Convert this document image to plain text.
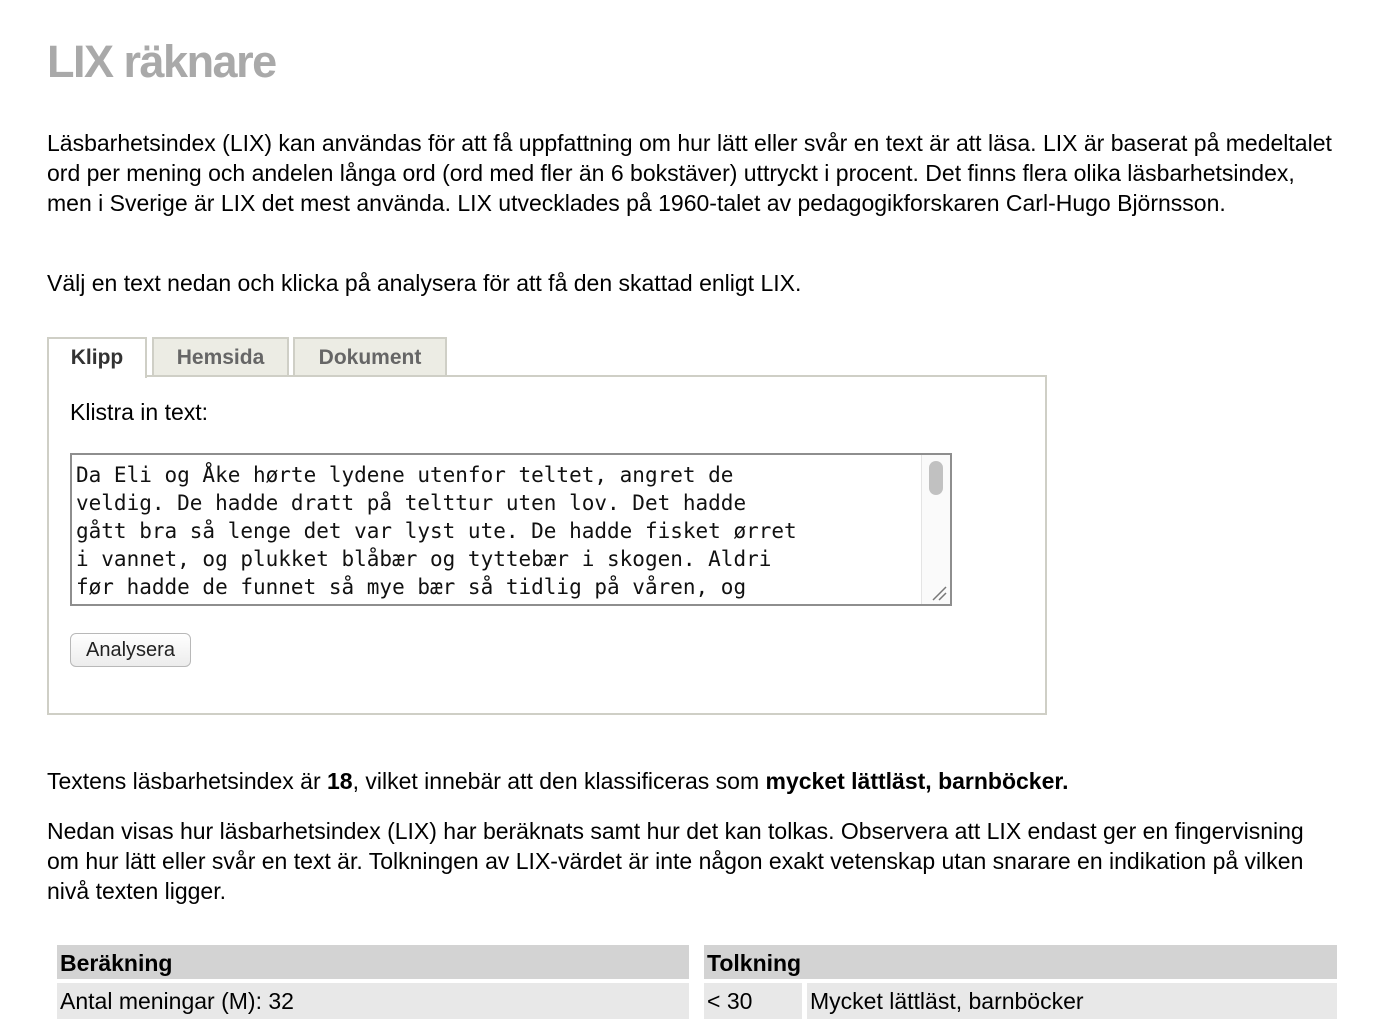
LIX räknare

Läsbarhetsindex (LIX) kan användas för att få uppfattning om hur lätt eller svår en text är att läsa. LIX är baserat på medeltalet ord per mening och andelen långa ord (ord med fler än 6 bokstäver) uttryckt i procent. Det finns flera olika läsbarhetsindex, men i Sverige är LIX det mest använda. LIX utvecklades på 1960-talet av pedagogikforskaren Carl-Hugo Björnsson.

Välj en text nedan och klicka på analysera för att få den skattad enligt LIX.

Klipp	Hemsida	Dokument
Klistra in text:
Da Eli og Åke hørte lydene utenfor teltet, angret de
veldig. De hadde dratt på telttur uten lov. Det hadde
gått bra så lenge det var lyst ute. De hadde fisket ørret
i vannet, og plukket blåbær og tyttebær i skogen. Aldri
før hadde de funnet så mye bær så tidlig på våren, og
Analysera

Textens läsbarhetsindex är 18, vilket innebär att den klassificeras som mycket lättläst, barnböcker.

Nedan visas hur läsbarhetsindex (LIX) har beräknats samt hur det kan tolkas. Observera att LIX endast ger en fingervisning om hur lätt eller svår en text är. Tolkningen av LIX-värdet är inte någon exakt vetenskap utan snarare en indikation på vilken nivå texten ligger.

Beräkning
Antal meningar (M): 32
Tolkning
< 30	Mycket lättläst, barnböcker
